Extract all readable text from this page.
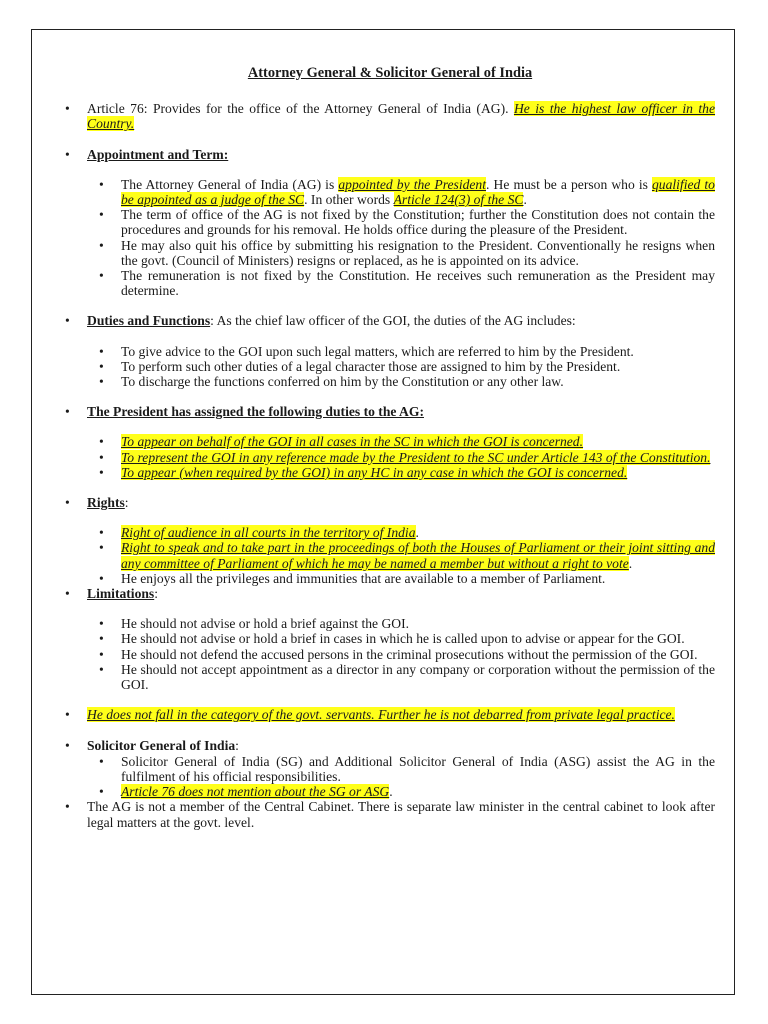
Attorney General & Solicitor General of India
• Article 76: Provides for the office of the Attorney General of India (AG). He is the highest law officer in the Country.
• Appointment and Term:
• The Attorney General of India (AG) is appointed by the President. He must be a person who is qualified to be appointed as a judge of the SC. In other words Article 124(3) of the SC.
• The term of office of the AG is not fixed by the Constitution; further the Constitution does not contain the procedures and grounds for his removal. He holds office during the pleasure of the President.
• He may also quit his office by submitting his resignation to the President. Conventionally he resigns when the govt. (Council of Ministers) resigns or replaced, as he is appointed on its advice.
• The remuneration is not fixed by the Constitution. He receives such remuneration as the President may determine.
• Duties and Functions: As the chief law officer of the GOI, the duties of the AG includes:
• To give advice to the GOI upon such legal matters, which are referred to him by the President.
• To perform such other duties of a legal character those are assigned to him by the President.
• To discharge the functions conferred on him by the Constitution or any other law.
• The President has assigned the following duties to the AG:
• To appear on behalf of the GOI in all cases in the SC in which the GOI is concerned.
• To represent the GOI in any reference made by the President to the SC under Article 143 of the Constitution.
• To appear (when required by the GOI) in any HC in any case in which the GOI is concerned.
• Rights:
• Right of audience in all courts in the territory of India.
• Right to speak and to take part in the proceedings of both the Houses of Parliament or their joint sitting and any committee of Parliament of which he may be named a member but without a right to vote.
• He enjoys all the privileges and immunities that are available to a member of Parliament.
• Limitations:
• He should not advise or hold a brief against the GOI.
• He should not advise or hold a brief in cases in which he is called upon to advise or appear for the GOI.
• He should not defend the accused persons in the criminal prosecutions without the permission of the GOI.
• He should not accept appointment as a director in any company or corporation without the permission of the GOI.
• He does not fall in the category of the govt. servants. Further he is not debarred from private legal practice.
• Solicitor General of India:
• Solicitor General of India (SG) and Additional Solicitor General of India (ASG) assist the AG in the fulfilment of his official responsibilities.
• Article 76 does not mention about the SG or ASG.
• The AG is not a member of the Central Cabinet. There is separate law minister in the central cabinet to look after legal matters at the govt. level.
